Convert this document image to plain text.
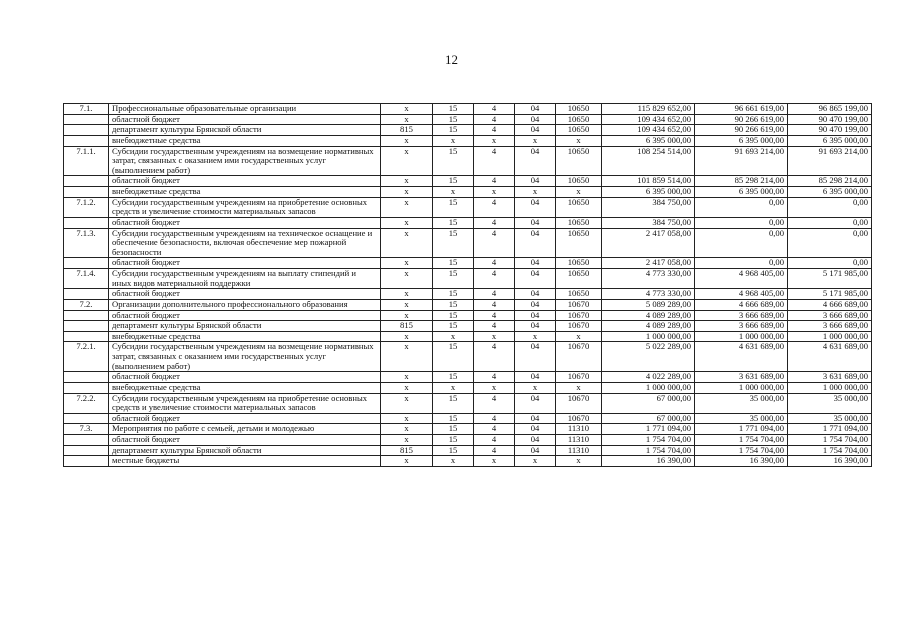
12
7.1.	Профессиональные образовательные организации	х	15	4	04	10650	115 829 652,00	96 661 619,00	96 865 199,00
	областной бюджет	х	15	4	04	10650	109 434 652,00	90 266 619,00	90 470 199,00
	департамент культуры Брянской области	815	15	4	04	10650	109 434 652,00	90 266 619,00	90 470 199,00
	внебюджетные средства	х	х	х	х	х	6 395 000,00	6 395 000,00	6 395 000,00
7.1.1.	Субсидии государственным учреждениям на возмещение нормативных затрат, связанных с оказанием ими государственных услуг (выполнением работ)	х	15	4	04	10650	108 254 514,00	91 693 214,00	91 693 214,00
	областной бюджет	х	15	4	04	10650	101 859 514,00	85 298 214,00	85 298 214,00
	внебюджетные средства	х	х	х	х	х	6 395 000,00	6 395 000,00	6 395 000,00
7.1.2.	Субсидии государственным учреждениям на приобретение основных средств и увеличение стоимости материальных запасов	х	15	4	04	10650	384 750,00	0,00	0,00
	областной бюджет	х	15	4	04	10650	384 750,00	0,00	0,00
7.1.3.	Субсидии государственным учреждениям на техническое оснащение и обеспечение безопасности, включая обеспечение мер пожарной безопасности	х	15	4	04	10650	2 417 058,00	0,00	0,00
	областной бюджет	х	15	4	04	10650	2 417 058,00	0,00	0,00
7.1.4.	Субсидии государственным учреждениям на выплату стипендий и иных видов материальной поддержки	х	15	4	04	10650	4 773 330,00	4 968 405,00	5 171 985,00
	областной бюджет	х	15	4	04	10650	4 773 330,00	4 968 405,00	5 171 985,00
7.2.	Организации дополнительного профессионального образования	х	15	4	04	10670	5 089 289,00	4 666 689,00	4 666 689,00
	областной бюджет	х	15	4	04	10670	4 089 289,00	3 666 689,00	3 666 689,00
	департамент культуры Брянской области	815	15	4	04	10670	4 089 289,00	3 666 689,00	3 666 689,00
	внебюджетные средства	х	х	х	х	х	1 000 000,00	1 000 000,00	1 000 000,00
7.2.1.	Субсидии государственным учреждениям на возмещение нормативных затрат, связанных с оказанием ими государственных услуг (выполнением работ)	х	15	4	04	10670	5 022 289,00	4 631 689,00	4 631 689,00
	областной бюджет	х	15	4	04	10670	4 022 289,00	3 631 689,00	3 631 689,00
	внебюджетные средства	х	х	х	х	х	1 000 000,00	1 000 000,00	1 000 000,00
7.2.2.	Субсидии государственным учреждениям на приобретение основных средств и увеличение стоимости материальных запасов	х	15	4	04	10670	67 000,00	35 000,00	35 000,00
	областной бюджет	х	15	4	04	10670	67 000,00	35 000,00	35 000,00
7.3.	Мероприятия по работе с семьей, детьми и молодежью	х	15	4	04	11310	1 771 094,00	1 771 094,00	1 771 094,00
	областной бюджет	х	15	4	04	11310	1 754 704,00	1 754 704,00	1 754 704,00
	департамент культуры Брянской области	815	15	4	04	11310	1 754 704,00	1 754 704,00	1 754 704,00
	местные бюджеты	х	х	х	х	х	16 390,00	16 390,00	16 390,00
